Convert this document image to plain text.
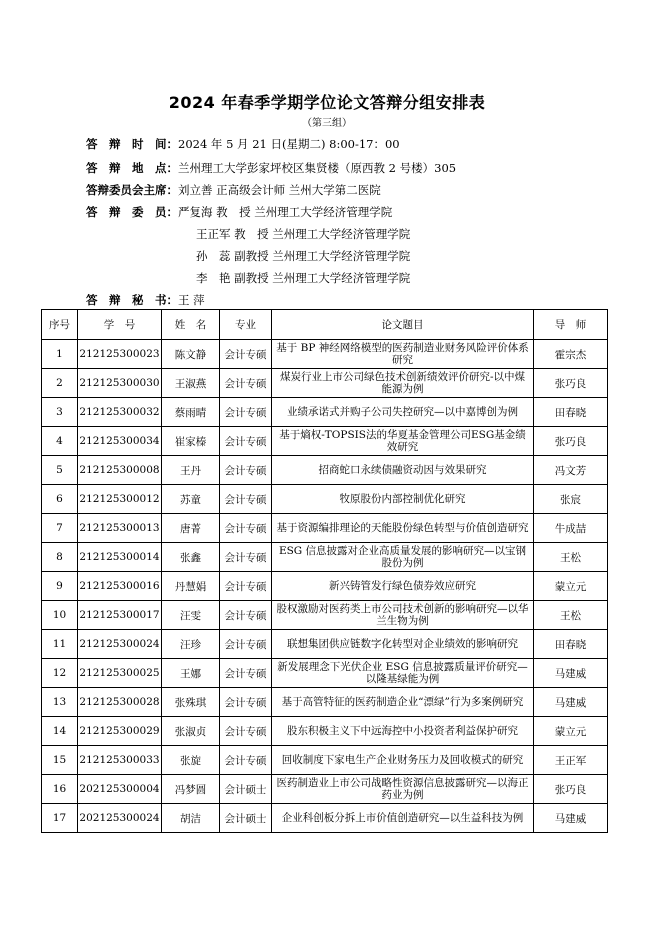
2024 年春季学期学位论文答辩分组安排表
（第三组）
答　辩　时　间：2024 年 5 月 21 日(星期二) 8:00-17：00
答　辩　地　点：兰州理工大学彭家坪校区集贤楼（原西教 2 号楼）305
答辩委员会主席：刘立善 正高级会计师 兰州大学第二医院
答　辩　委　员：严复海 教　授 兰州理工大学经济管理学院
王正军 教　授 兰州理工大学经济管理学院
孙　蕊 副教授 兰州理工大学经济管理学院
李　艳 副教授 兰州理工大学经济管理学院
答　辩　秘　书：王 萍
序号	学　号	姓　名	专业	论文题目	导　师
1	212125300023	陈文静	会计专硕	基于 BP 神经网络模型的医药制造业财务风险评价体系研究	霍宗杰
2	212125300030	王淑燕	会计专硕	煤炭行业上市公司绿色技术创新绩效评价研究-以中煤能源为例	张巧良
3	212125300032	蔡雨晴	会计专硕	业绩承诺式并购子公司失控研究—以中嘉博创为例	田春晓
4	212125300034	崔家榛	会计专硕	基于熵权-TOPSIS法的华夏基金管理公司ESG基金绩效研究	张巧良
5	212125300008	王丹	会计专硕	招商蛇口永续债融资动因与效果研究	冯文芳
6	212125300012	苏童	会计专硕	牧原股份内部控制优化研究	张宸
7	212125300013	唐菁	会计专硕	基于资源编排理论的天能股份绿色转型与价值创造研究	牛成喆
8	212125300014	张鑫	会计专硕	ESG 信息披露对企业高质量发展的影响研究—以宝钢股份为例	王松
9	212125300016	丹慧娟	会计专硕	新兴铸管发行绿色债券效应研究	蒙立元
10	212125300017	汪雯	会计专硕	股权激励对医药类上市公司技术创新的影响研究—以华兰生物为例	王松
11	212125300024	汪珍	会计专硕	联想集团供应链数字化转型对企业绩效的影响研究	田春晓
12	212125300025	王娜	会计专硕	新发展理念下光伏企业 ESG 信息披露质量评价研究—以隆基绿能为例	马建威
13	212125300028	张殊琪	会计专硕	基于高管特征的医药制造企业“漂绿”行为多案例研究	马建威
14	212125300029	张淑贞	会计专硕	股东积极主义下中远海控中小投资者利益保护研究	蒙立元
15	212125300033	张旋	会计专硕	回收制度下家电生产企业财务压力及回收模式的研究	王正军
16	202125300004	冯梦圆	会计硕士	医药制造业上市公司战略性资源信息披露研究—以海正药业为例	张巧良
17	202125300024	胡洁	会计硕士	企业科创板分拆上市价值创造研究—以生益科技为例	马建威
